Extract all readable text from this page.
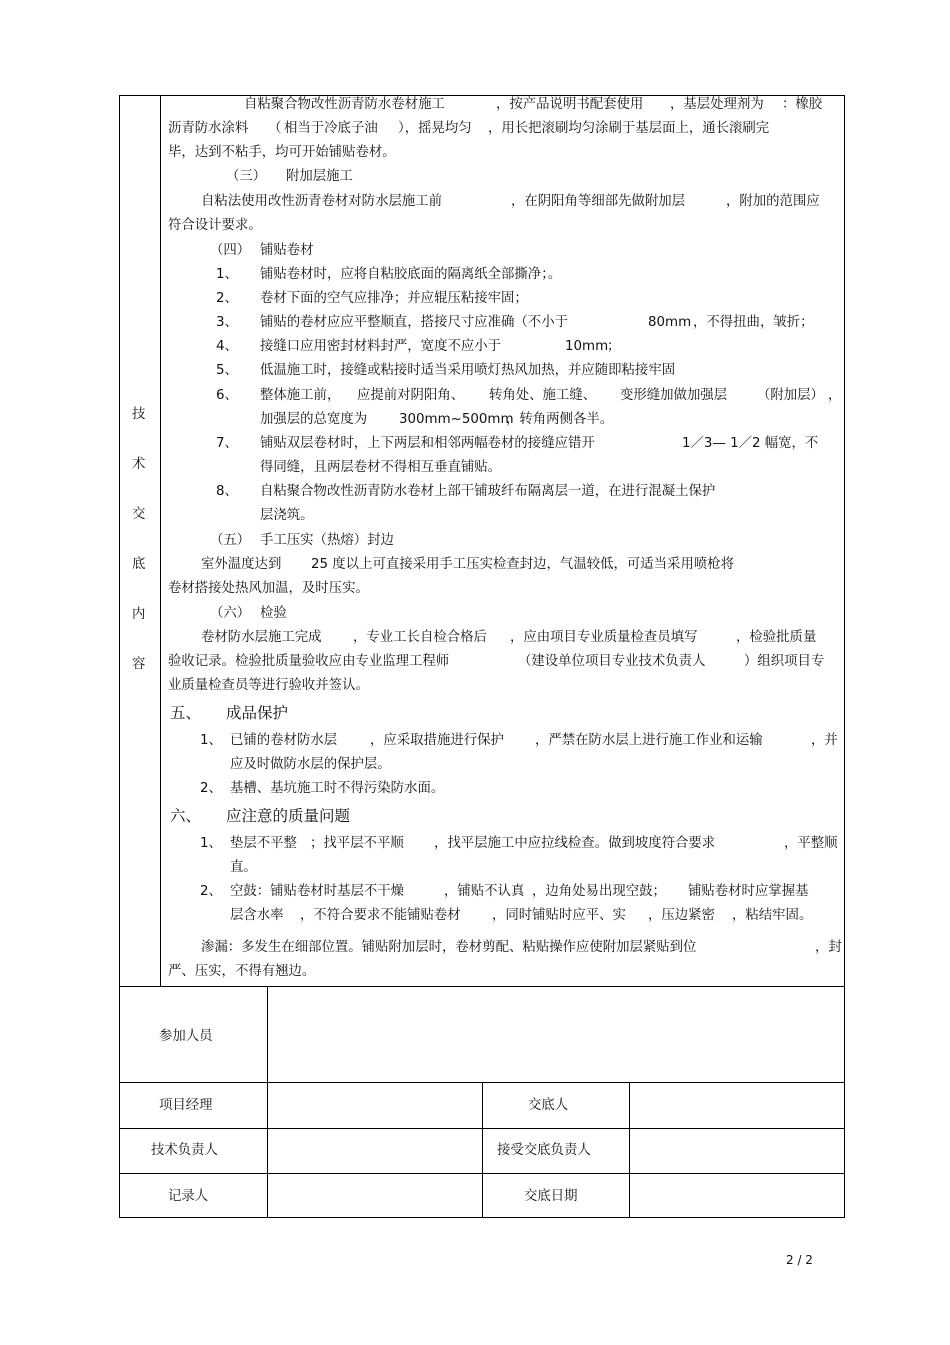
技
术
交
底
内
容
自粘聚合物改性沥青防水卷材施工	，按产品说明书配套使用 ，基层处理剂为 ：橡胶
沥青防水涂料 （ 相当于冷底子油 ），摇晃均匀 ，用长把滚刷均匀涂刷于基层面上，通长滚刷完
毕，达到不粘手，均可开始铺贴卷材。
（三） 附加层施工
自粘法使用改性沥青卷材对防水层施工前	，在阴阳角等细部先做附加层	，附加的范围应
符合设计要求。
（四） 铺贴卷材
1、 铺贴卷材时，应将自粘胶底面的隔离纸全部撕净；。
2、 卷材下面的空气应排净；并应辊压粘接牢固；
3、 铺贴的卷材应应平整顺直，搭接尺寸应准确（不小于	80mm ，不得扭曲，皱折；
4、 接缝口应用密封材料封严，宽度不应小于	10mm
；
5、 低温施工时，接缝或粘接时适当采用喷灯热风加热，并应随即粘接牢固
6、 整体施工前， 应提前对阴阳角、 转角处、施工缝、 变形缝加做加强层 （附加层） ，
加强层的总宽度为 300mm~500mm
，转角两侧各半。
7、 铺贴双层卷材时，上下两层和相邻两幅卷材的接缝应错开	1／3— 1／2 幅宽，不
得同缝，且两层卷材不得相互垂直铺贴。
8、 自粘聚合物改性沥青防水卷材上部干铺玻纤布隔离层一道，在进行混凝土保护
层浇筑。
（五） 手工压实（热熔）封边
室外温度达到 25 度以上可直接采用手工压实检查封边，气温较低，可适当采用喷枪将
卷材搭接处热风加温，及时压实。
（六） 检验
卷材防水层施工完成 ，专业工长自检合格后 ，应由项目专业质量检查员填写	，检验批质量
验收记录。检验批质量验收应由专业监理工程师	（建设单位项目专业技术负责人	）组织项目专
业质量检查员等进行验收并签认。
五、 成品保护
1、 已铺的卷材防水层 ，应采取措施进行保护 ，严禁在防水层上进行施工作业和运输	，并
应及时做防水层的保护层。
2、 基槽、基坑施工时不得污染防水面。
六、 应注意的质量问题
1、 垫层不平整 ；找平层不平顺 ，找平层施工中应拉线检查。做到坡度符合要求	，平整顺
直。
2、 空鼓：铺贴卷材时基层不干燥	，铺贴不认真 ，边角处易出现空鼓； 铺贴卷材时应掌握基
层含水率 ，不符合要求不能铺贴卷材 ，同时铺贴时应平、实 ，压边紧密 ，粘结牢固。
渗漏：多发生在细部位置。铺贴附加层时，卷材剪配、粘贴操作应使附加层紧贴到位	，封
严、压实，不得有翘边。
参加人员
项目经理	交底人
技术负责人	接受交底负责人
记录人	交底日期
2 / 2
